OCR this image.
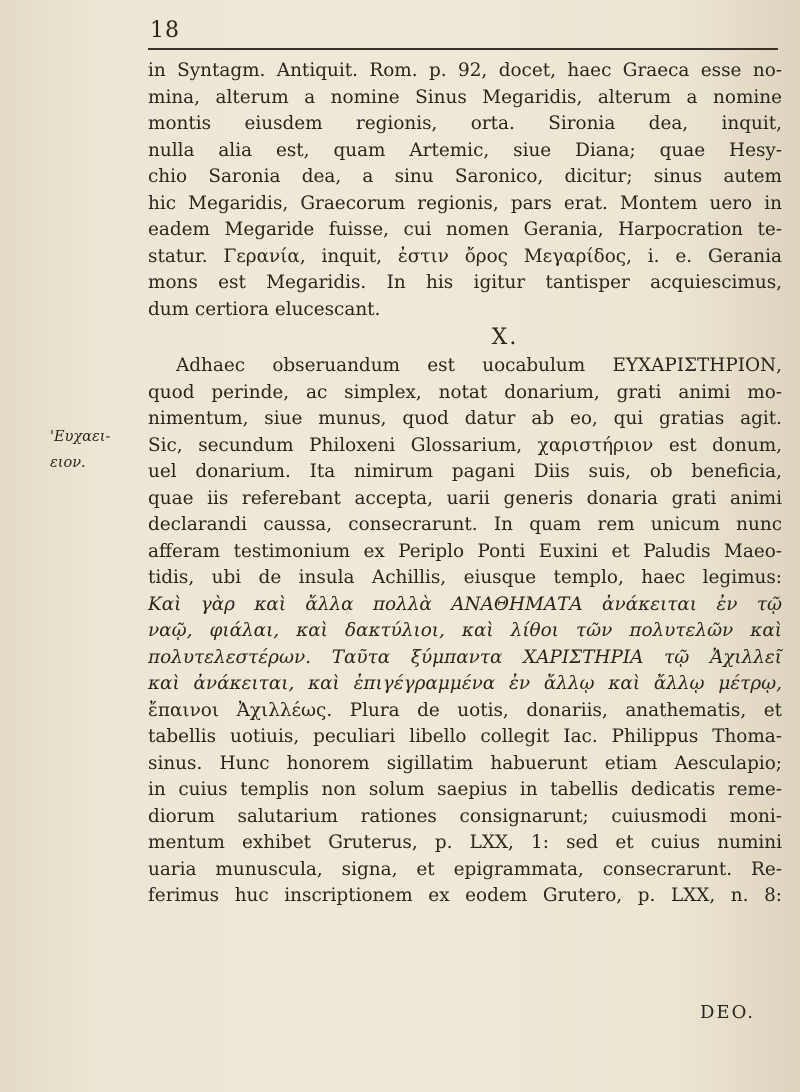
18
'Ευχαει-
ειον.
in Syntagm. Antiquit. Rom. p. 92, docet, haec Graeca esse no-
mina, alterum a nomine Sinus Megaridis, alterum a nomine
montis eiusdem regionis, orta. Sironia dea, inquit,
nulla alia est, quam Artemic, siue Diana; quae Hesy-
chio Saronia dea, a sinu Saronico, dicitur; sinus autem
hic Megaridis, Graecorum regionis, pars erat. Montem uero in
eadem Megaride fuisse, cui nomen Gerania, Harpocration te-
statur. Γερανία, inquit, ἐστιν ὄρος Μεγαρίδος, i. e. Gerania
mons est Megaridis. In his igitur tantisper acquiescimus,
dum certiora elucescant.
X.
Adhaec obseruandum est uocabulum ΕΥΧΑΡΙΣΤΗΡΙΟΝ,
quod perinde, ac simplex, notat donarium, grati animi mo-
nimentum, siue munus, quod datur ab eo, qui gratias agit.
Sic, secundum Philoxeni Glossarium, χαριστήριον est donum,
uel donarium. Ita nimirum pagani Diis suis, ob beneficia,
quae iis referebant accepta, uarii generis donaria grati animi
declarandi caussa, consecrarunt. In quam rem unicum nunc
afferam testimonium ex Periplo Ponti Euxini et Paludis Maeo-
tidis, ubi de insula Achillis, eiusque templo, haec legimus:
Καὶ γὰρ καὶ ἄλλα πολλὰ ΑΝΑΘΗΜΑΤΑ ἀνάκειται ἐν τῷ
ναῷ, φιάλαι, καὶ δακτύλιοι, καὶ λίθοι τῶν πολυτελῶν καὶ
πολυτελεστέρων. Ταῦτα ξύμπαντα ΧΑΡΙΣΤΗΡΙΑ τῷ Ἀχιλλεῖ
καὶ ἀνάκειται, καὶ ἐπιγέγραμμένα ἐν ἄλλῳ καὶ ἄλλῳ μέτρῳ,
ἔπαινοι Ἀχιλλέως. Plura de uotis, donariis, anathematis, et
tabellis uotiuis, peculiari libello collegit Iac. Philippus Thoma-
sinus. Hunc honorem sigillatim habuerunt etiam Aesculapio;
in cuius templis non solum saepius in tabellis dedicatis reme-
diorum salutarium rationes consignarunt; cuiusmodi moni-
mentum exhibet Gruterus, p. LXX, 1: sed et cuius numini
uaria munuscula, signa, et epigrammata, consecrarunt. Re-
ferimus huc inscriptionem ex eodem Grutero, p. LXX, n. 8:
DEO.
